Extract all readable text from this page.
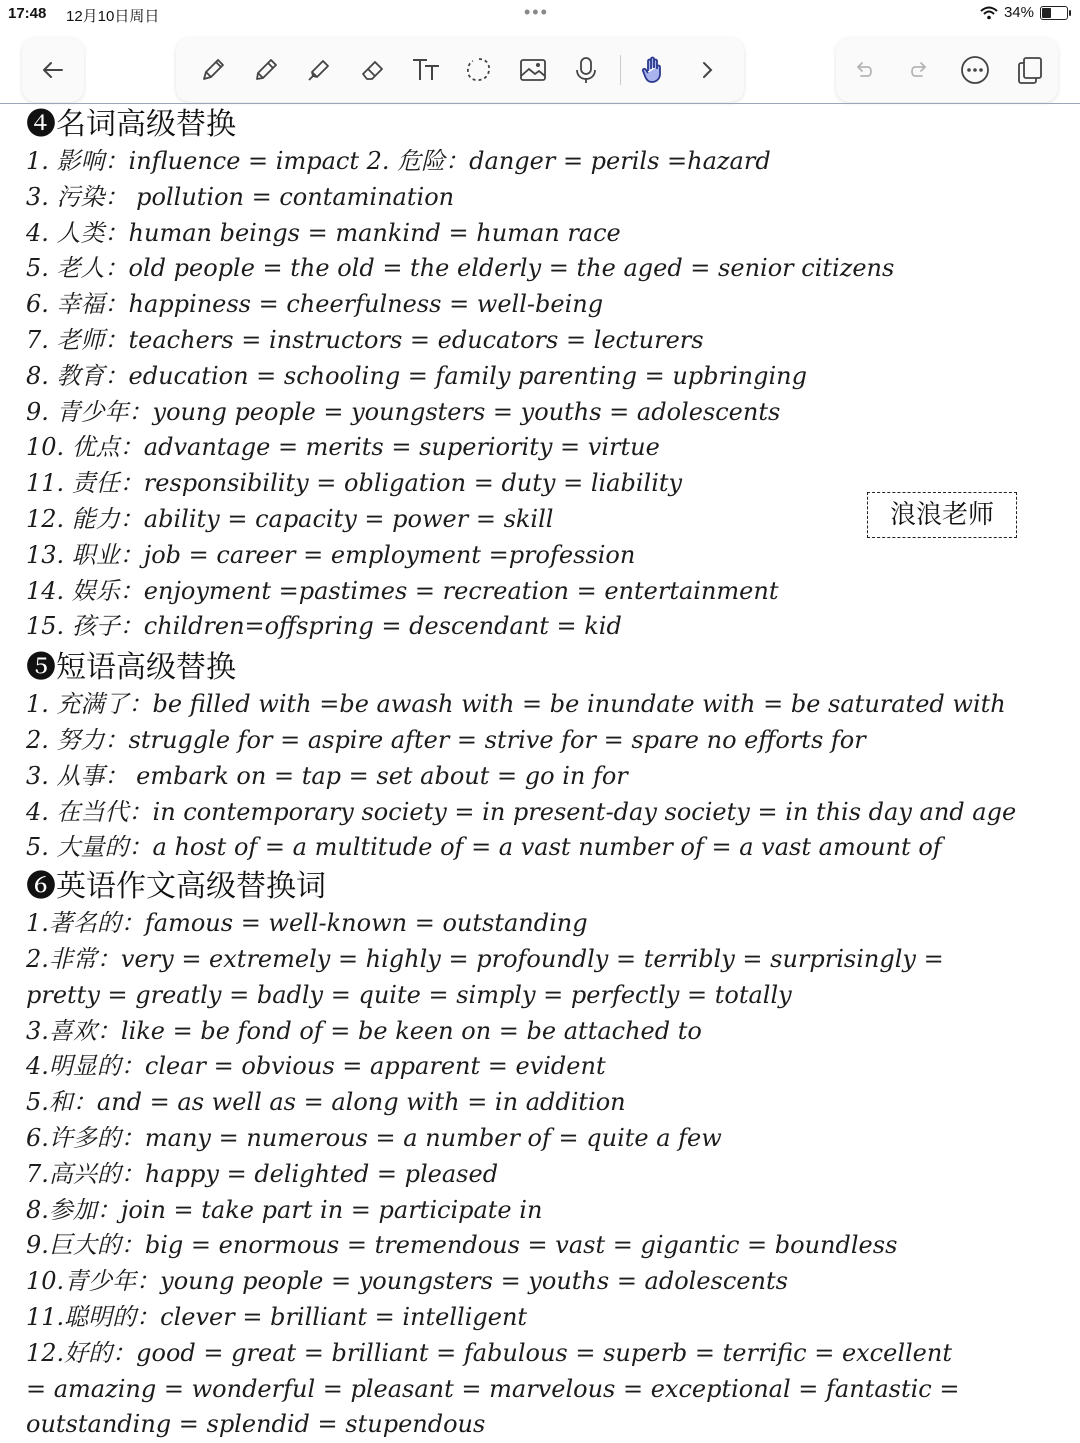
17:48 12月10日周日	•••	34%
❹名词高级替换
1. 影响：influence = impact 2. 危险：danger = perils =hazard
3. 污染： pollution = contamination
4. 人类：human beings = mankind = human race
5. 老人：old people = the old = the elderly = the aged = senior citizens
6. 幸福：happiness = cheerfulness = well-being
7. 老师：teachers = instructors = educators = lecturers
8. 教育：education = schooling = family parenting = upbringing
9. 青少年：young people = youngsters = youths = adolescents
10. 优点：advantage = merits = superiority = virtue
11. 责任：responsibility = obligation = duty = liability
12. 能力：ability = capacity = power = skill
13. 职业：job = career = employment =profession
14. 娱乐：enjoyment =pastimes = recreation = entertainment
15. 孩子：children=offspring = descendant = kid
❺短语高级替换
1. 充满了：be filled with =be awash with = be inundate with = be saturated with
2. 努力：struggle for = aspire after = strive for = spare no efforts for
3. 从事： embark on = tap = set about = go in for
4. 在当代：in contemporary society = in present-day society = in this day and age
5. 大量的：a host of = a multitude of = a vast number of = a vast amount of
❻英语作文高级替换词
1.著名的：famous = well-known = outstanding
2.非常：very = extremely = highly = profoundly = terribly = surprisingly =
pretty = greatly = badly = quite = simply = perfectly = totally
3.喜欢：like = be fond of = be keen on = be attached to
4.明显的：clear = obvious = apparent = evident
5.和：and = as well as = along with = in addition
6.许多的：many = numerous = a number of = quite a few
7.高兴的：happy = delighted = pleased
8.参加：join = take part in = participate in
9.巨大的：big = enormous = tremendous = vast = gigantic = boundless
10.青少年：young people = youngsters = youths = adolescents
11.聪明的：clever = brilliant = intelligent
12.好的：good = great = brilliant = fabulous = superb = terrific = excellent
= amazing = wonderful = pleasant = marvelous = exceptional = fantastic =
outstanding = splendid = stupendous
浪浪老师
